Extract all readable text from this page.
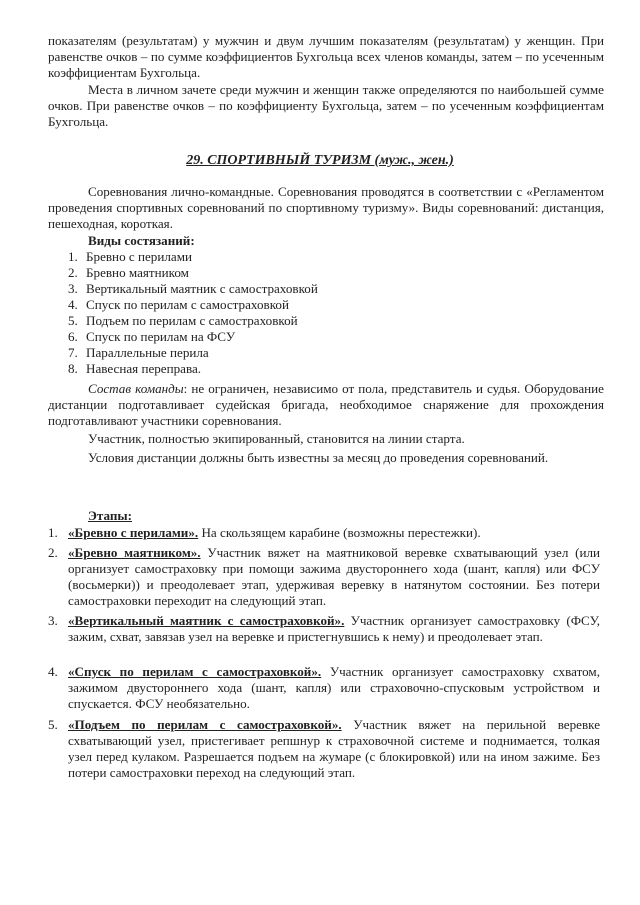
показателям (результатам) у мужчин и двум лучшим показателям (результатам) у женщин. При равенстве очков – по сумме коэффициентов Бухгольца всех членов команды, затем – по усеченным коэффициентам Бухгольца.

Места в личном зачете среди мужчин и женщин также определяются по наибольшей сумме очков. При равенстве очков – по коэффициенту Бухгольца, затем – по усеченным коэффициентам Бухгольца.

29. СПОРТИВНЫЙ ТУРИЗМ (муж., жен.)

Соревнования лично-командные. Соревнования проводятся в соответствии с «Регламентом проведения спортивных соревнований по спортивному туризму». Виды соревнований: дистанция, пешеходная, короткая.

Виды состязаний:

1. Бревно с перилами
2. Бревно маятником
3. Вертикальный маятник с самостраховкой
4. Спуск по перилам с самостраховкой
5. Подъем по перилам с самостраховкой
6. Спуск по перилам на ФСУ
7. Параллельные перила
8. Навесная переправа.

Состав команды: не ограничен, независимо от пола, представитель и судья. Оборудование дистанции подготавливает судейская бригада, необходимое снаряжение для прохождения подготавливают участники соревнования.

Участник, полностью экипированный, становится на линии старта.

Условия дистанции должны быть известны за месяц до проведения соревнований.

Этапы:

1. «Бревно с перилами». На скользящем карабине (возможны перестежки).
2. «Бревно маятником». Участник вяжет на маятниковой веревке схватывающий узел (или организует самостраховку при помощи зажима двустороннего хода (шант, капля) или ФСУ (восьмерки)) и преодолевает этап, удерживая веревку в натянутом состоянии. Без потери самостраховки переходит на следующий этап.
3. «Вертикальный маятник с самостраховкой». Участник организует самостраховку (ФСУ, зажим, схват, завязав узел на веревке и пристегнувшись к нему) и преодолевает этап.
4. «Спуск по перилам с самостраховкой». Участник организует самостраховку схватом, зажимом двустороннего хода (шант, капля) или страховочно-спусковым устройством и спускается. ФСУ необязательно.
5. «Подъем по перилам с самостраховкой». Участник вяжет на перильной веревке схватывающий узел, пристегивает репшнур к страховочной системе и поднимается, толкая узел перед кулаком. Разрешается подъем на жумаре (с блокировкой) или на ином зажиме. Без потери самостраховки переход на следующий этап.
